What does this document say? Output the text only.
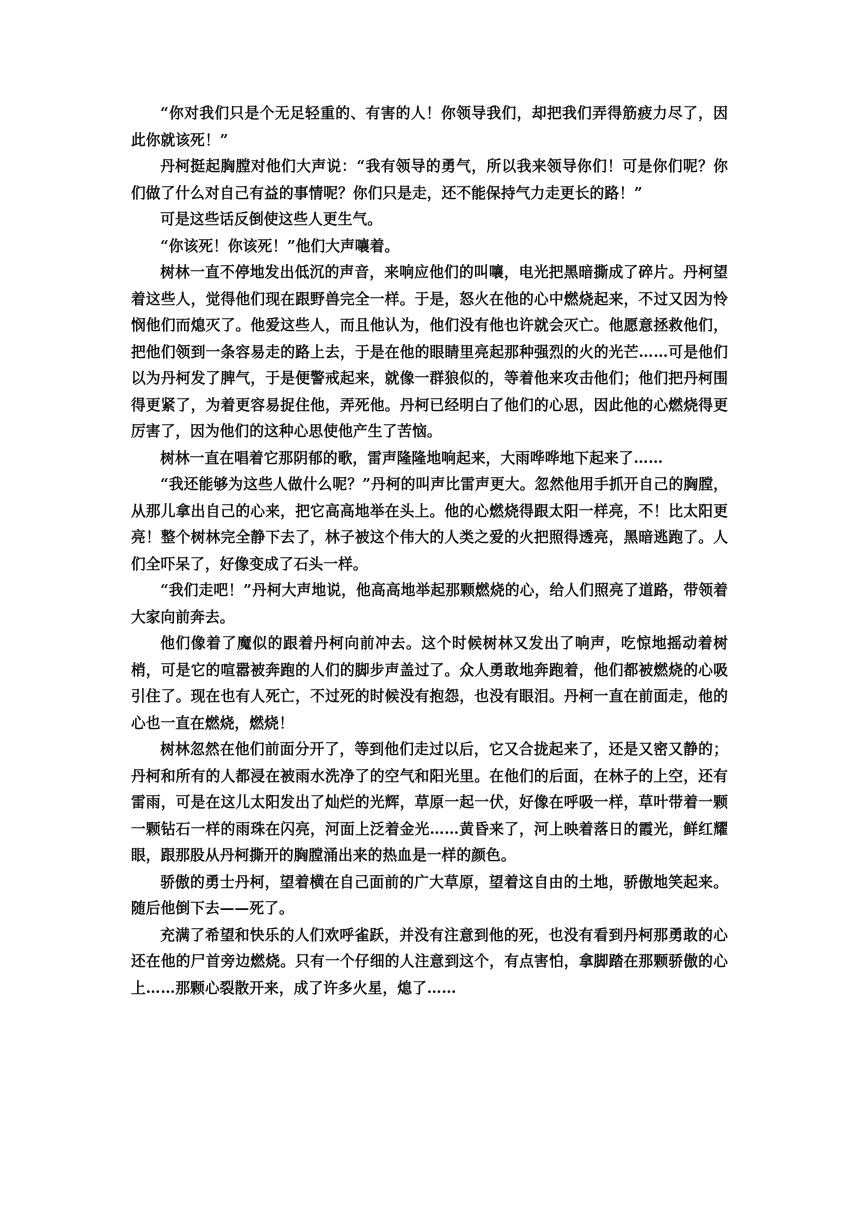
“你对我们只是个无足轻重的、有害的人！你领导我们，却把我们弄得筋疲力尽了，因此你就该死！”

丹柯挺起胸膛对他们大声说：“我有领导的勇气，所以我来领导你们！可是你们呢？你们做了什么对自己有益的事情呢？你们只是走，还不能保持气力走更长的路！”

可是这些话反倒使这些人更生气。

“你该死！你该死！”他们大声嚷着。

树林一直不停地发出低沉的声音，来响应他们的叫嚷，电光把黑暗撕成了碎片。丹柯望着这些人，觉得他们现在跟野兽完全一样。于是，怒火在他的心中燃烧起来，不过又因为怜悯他们而熄灭了。他爱这些人，而且他认为，他们没有他也许就会灭亡。他愿意拯救他们，把他们领到一条容易走的路上去，于是在他的眼睛里亮起那种强烈的火的光芒……可是他们以为丹柯发了脾气，于是便警戒起来，就像一群狼似的，等着他来攻击他们；他们把丹柯围得更紧了，为着更容易捉住他，弄死他。丹柯已经明白了他们的心思，因此他的心燃烧得更厉害了，因为他们的这种心思使他产生了苦恼。

树林一直在唱着它那阴郁的歌，雷声隆隆地响起来，大雨哗哗地下起来了……

“我还能够为这些人做什么呢？”丹柯的叫声比雷声更大。忽然他用手抓开自己的胸膛，从那儿拿出自己的心来，把它高高地举在头上。他的心燃烧得跟太阳一样亮，不！比太阳更亮！整个树林完全静下去了，林子被这个伟大的人类之爱的火把照得透亮，黑暗逃跑了。人们全吓呆了，好像变成了石头一样。

“我们走吧！”丹柯大声地说，他高高地举起那颗燃烧的心，给人们照亮了道路，带领着大家向前奔去。

他们像着了魔似的跟着丹柯向前冲去。这个时候树林又发出了响声，吃惊地摇动着树梢，可是它的喧嚣被奔跑的人们的脚步声盖过了。众人勇敢地奔跑着，他们都被燃烧的心吸引住了。现在也有人死亡，不过死的时候没有抱怨，也没有眼泪。丹柯一直在前面走，他的心也一直在燃烧，燃烧！

树林忽然在他们前面分开了，等到他们走过以后，它又合拢起来了，还是又密又静的；丹柯和所有的人都浸在被雨水洗净了的空气和阳光里。在他们的后面，在林子的上空，还有雷雨，可是在这儿太阳发出了灿烂的光辉，草原一起一伏，好像在呼吸一样，草叶带着一颗一颗钻石一样的雨珠在闪亮，河面上泛着金光……黄昏来了，河上映着落日的霞光，鲜红耀眼，跟那股从丹柯撕开的胸膛涌出来的热血是一样的颜色。

骄傲的勇士丹柯，望着横在自己面前的广大草原，望着这自由的土地，骄傲地笑起来。随后他倒下去——死了。

充满了希望和快乐的人们欢呼雀跃，并没有注意到他的死，也没有看到丹柯那勇敢的心还在他的尸首旁边燃烧。只有一个仔细的人注意到这个，有点害怕，拿脚踏在那颗骄傲的心上……那颗心裂散开来，成了许多火星，熄了……
